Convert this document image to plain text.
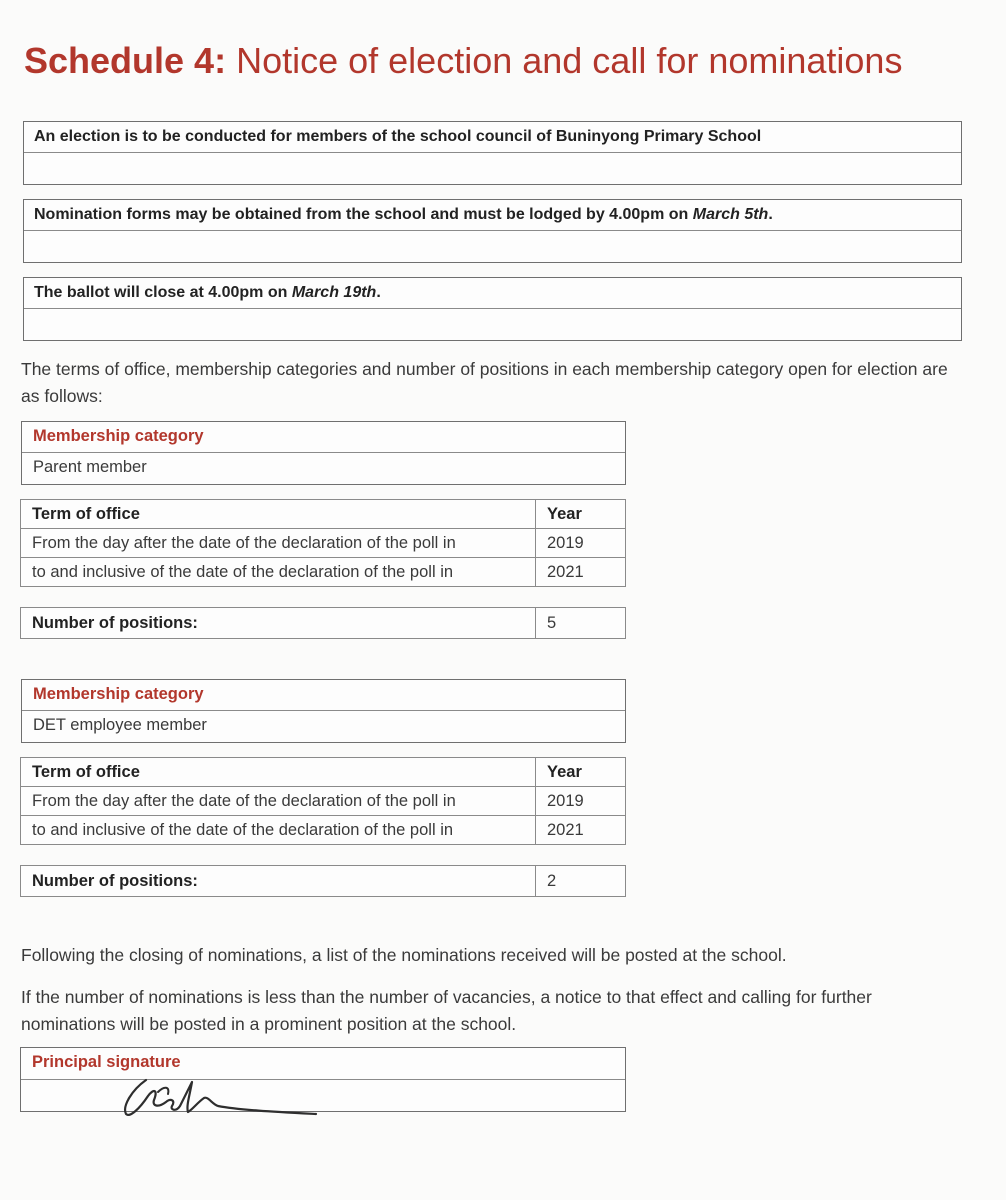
Schedule 4: Notice of election and call for nominations
An election is to be conducted for members of the school council of Buninyong Primary School
Nomination forms may be obtained from the school and must be lodged by 4.00pm on March 5th.
The ballot will close at 4.00pm on March 19th.
The terms of office, membership categories and number of positions in each membership category open for election are as follows:
Membership category
Parent member
Term of office	Year
From the day after the date of the declaration of the poll in	2019
to and inclusive of the date of the declaration of the poll in	2021
Number of positions:	5
Membership category
DET employee member
Term of office	Year
From the day after the date of the declaration of the poll in	2019
to and inclusive of the date of the declaration of the poll in	2021
Number of positions:	2
Following the closing of nominations, a list of the nominations received will be posted at the school.
If the number of nominations is less than the number of vacancies, a notice to that effect and calling for further nominations will be posted in a prominent position at the school.
Principal signature
